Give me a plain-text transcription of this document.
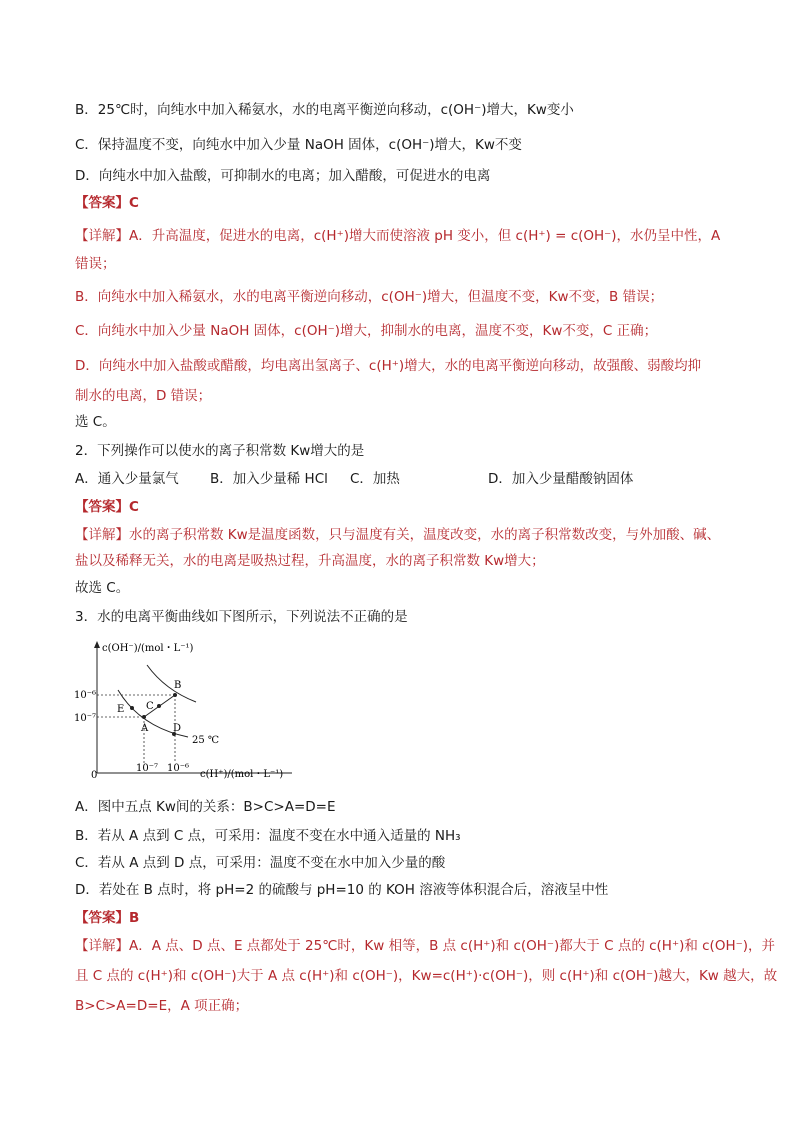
B．25℃时，向纯水中加入稀氨水，水的电离平衡逆向移动，c(OH⁻)增大，Kw变小
C．保持温度不变，向纯水中加入少量 NaOH 固体，c(OH⁻)增大，Kw不变
D．向纯水中加入盐酸，可抑制水的电离；加入醋酸，可促进水的电离
【答案】C
【详解】A．升高温度，促进水的电离，c(H⁺)增大而使溶液 pH 变小，但 c(H⁺) = c(OH⁻)，水仍呈中性，A
错误；
B．向纯水中加入稀氨水，水的电离平衡逆向移动，c(OH⁻)增大，但温度不变，Kw不变，B 错误；
C．向纯水中加入少量 NaOH 固体，c(OH⁻)增大，抑制水的电离，温度不变，Kw不变，C 正确；
D．向纯水中加入盐酸或醋酸，均电离出氢离子、c(H⁺)增大，水的电离平衡逆向移动，故强酸、弱酸均抑
制水的电离，D 错误；
选 C。
2．下列操作可以使水的离子积常数 Kw增大的是
【答案】C
【详解】水的离子积常数 Kw是温度函数，只与温度有关，温度改变，水的离子积常数改变，与外加酸、碱、
盐以及稀释无关，水的电离是吸热过程，升高温度，水的离子积常数 Kw增大；
故选 C。
3．水的电离平衡曲线如下图所示，下列说法不正确的是
A．图中五点 Kw间的关系：B>C>A=D=E
B．若从 A 点到 C 点，可采用：温度不变在水中通入适量的 NH₃
C．若从 A 点到 D 点，可采用：温度不变在水中加入少量的酸
D．若处在 B 点时，将 pH=2 的硫酸与 pH=10 的 KOH 溶液等体积混合后，溶液呈中性
【答案】B
【详解】A．A 点、D 点、E 点都处于 25℃时，Kw 相等，B 点 c(H⁺)和 c(OH⁻)都大于 C 点的 c(H⁺)和 c(OH⁻)，并
且 C 点的 c(H⁺)和 c(OH⁻)大于 A 点 c(H⁺)和 c(OH⁻)，Kw=c(H⁺)·c(OH⁻)，则 c(H⁺)和 c(OH⁻)越大，Kw 越大，故
B>C>A=D=E，A 项正确；
A．通入少量氯气 B．加入少量稀 HCl C．加热	D．加入少量醋酸钠固体
c(OH⁻)/(mol・L⁻¹)
c(H⁺)/(mol・L⁻¹)
0
10⁻⁶
10⁻⁷
10⁻⁷ 10⁻⁶
B
C
A
E
D
25 ℃
